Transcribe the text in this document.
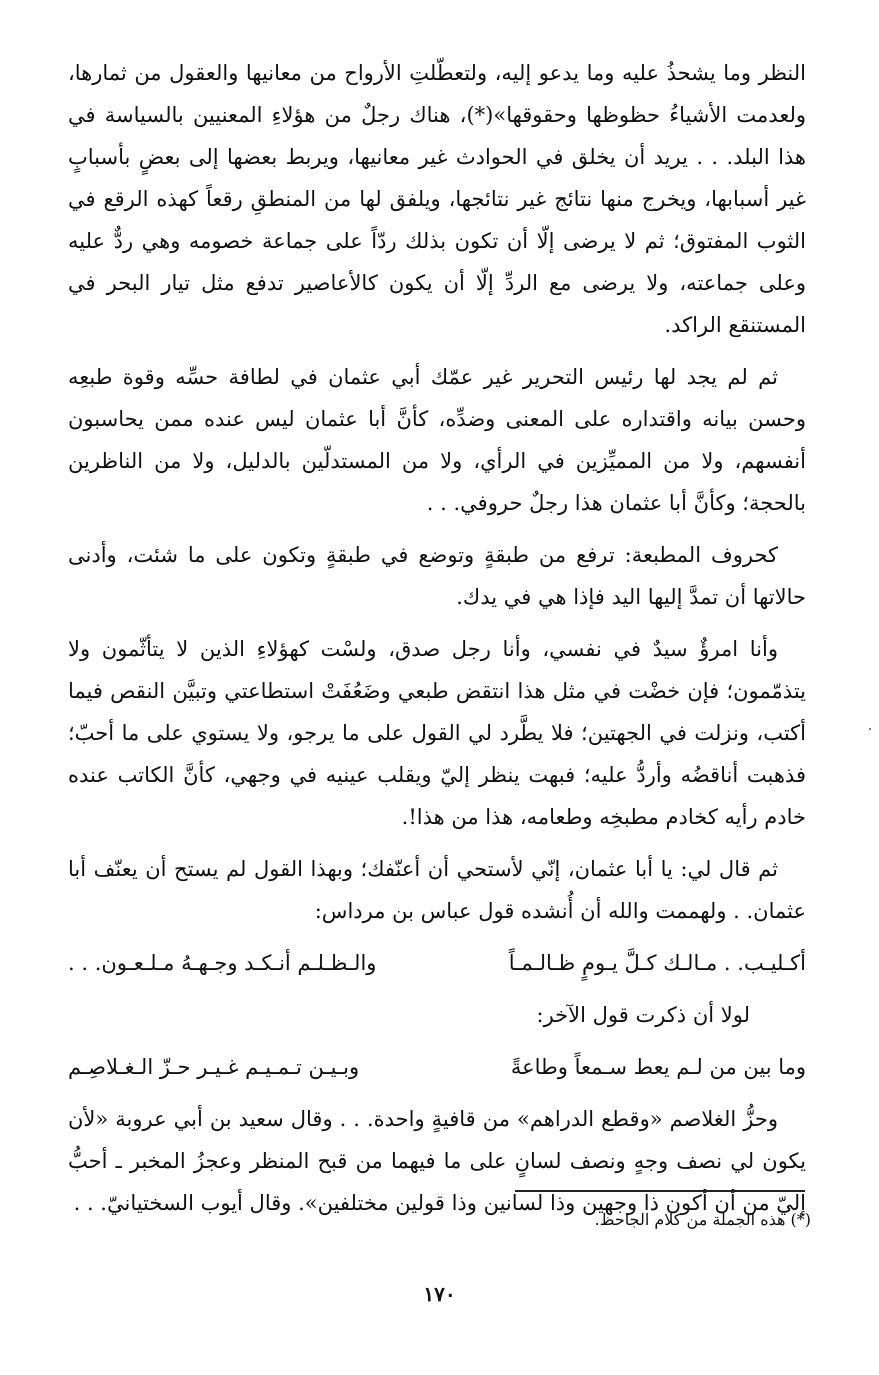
النظر وما يشحذُ عليه وما يدعو إليه، ولتعطّلتِ الأرواح من معانيها والعقول من ثمارها، ولعدمت الأشياءُ حظوظها وحقوقها»(*)، هناك رجلٌ من هؤلاءِ المعنيين بالسياسة في هذا البلد. . . يريد أن يخلق في الحوادث غير معانيها، ويربط بعضها إلى بعضٍ بأسبابٍ غير أسبابها، ويخرج منها نتائج غير نتائجها، ويلفق لها من المنطقِ رقعاً كهذه الرقع في الثوب المفتوق؛ ثم لا يرضى إلّا أن تكون بذلك ردّاً على جماعة خصومه وهي ردٌّ عليه وعلى جماعته، ولا يرضى مع الردِّ إلّا أن يكون كالأعاصير تدفع مثل تيار البحر في المستنقع الراكد.

ثم لم يجد لها رئيس التحرير غير عمّك أبي عثمان في لطافة حسِّه وقوة طبعِه وحسن بيانه واقتداره على المعنى وضدِّه، كأنَّ أبا عثمان ليس عنده ممن يحاسبون أنفسهم، ولا من المميِّزين في الرأي، ولا من المستدلّين بالدليل، ولا من الناظرين بالحجة؛ وكأنَّ أبا عثمان هذا رجلٌ حروفي. . .

كحروف المطبعة: ترفع من طبقةٍ وتوضع في طبقةٍ وتكون على ما شئت، وأدنى حالاتها أن تمدَّ إليها اليد فإذا هي في يدك.

وأنا امرؤٌ سيدٌ في نفسي، وأنا رجل صدق، ولسْت كهؤلاءِ الذين لا يتأثّمون ولا يتذمّمون؛ فإن خضْت في مثل هذا انتقض طبعي وضَعُفَتْ استطاعتي وتبيَّن النقص فيما أكتب، ونزلت في الجهتين؛ فلا يطَّرد لي القول على ما يرجو، ولا يستوي على ما أحبّ؛ فذهبت أناقضُه وأردُّ عليه؛ فبهت ينظر إليّ ويقلب عينيه في وجهي، كأنَّ الكاتب عنده خادم رأيه كخادم مطبخِه وطعامه، هذا من هذا!.

ثم قال لي: يا أبا عثمان، إنّي لأستحي أن أعنّفك؛ وبهذا القول لم يستح أن يعنّف أبا عثمان. . ولهممت والله أن أُنشده قول عباس بن مرداس:

أكـليـب. . مـالـك كـلَّ يـومٍ ظـالـمـاً
والـظـلـم أنـكـد وجـهـهُ مـلـعـون. . .

لولا أن ذكرت قول الآخر:

وما بين من لـم يعط سـمعاً وطاعةً
وبـيـن تـمـيـم غـيـر حـزّ الـغـلاصِـم

وحزُّ الغلاصم «وقطع الدراهم» من قافيةٍ واحدة. . . وقال سعيد بن أبي عروبة «لأن يكون لي نصف وجهٍ ونصف لسانٍ على ما فيهما من قبح المنظر وعجزُ المخبر ـ أحبُّ إليّ من أن أكون ذا وجهين وذا لسانين وذا قولين مختلفين». وقال أيوب السختيانيّ. . .

(*) هذه الجملة من كلام الجاحظ.
١٧٠
